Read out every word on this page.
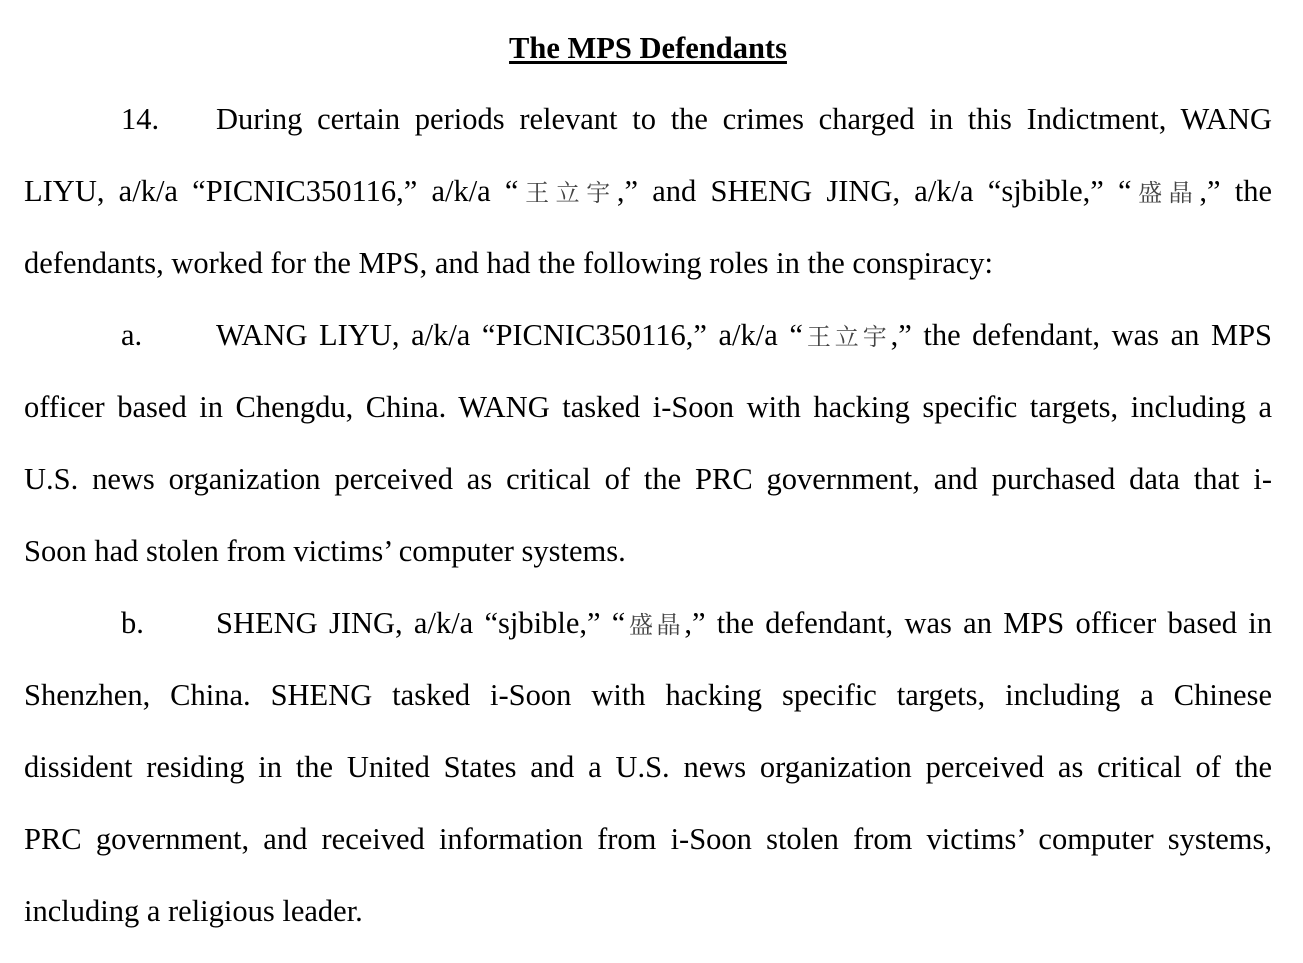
The MPS Defendants
14. During certain periods relevant to the crimes charged in this Indictment, WANG
LIYU, a/k/a “PICNIC350116,” a/k/a “王立宇,” and SHENG JING, a/k/a “sjbible,” “盛晶,” the
defendants, worked for the MPS, and had the following roles in the conspiracy:
a. WANG LIYU, a/k/a “PICNIC350116,” a/k/a “王立宇,” the defendant, was an MPS
officer based in Chengdu, China. WANG tasked i-Soon with hacking specific targets, including a
U.S. news organization perceived as critical of the PRC government, and purchased data that i-
Soon had stolen from victims’ computer systems.
b. SHENG JING, a/k/a “sjbible,” “盛晶,” the defendant, was an MPS officer based in
Shenzhen, China. SHENG tasked i-Soon with hacking specific targets, including a Chinese
dissident residing in the United States and a U.S. news organization perceived as critical of the
PRC government, and received information from i-Soon stolen from victims’ computer systems,
including a religious leader.
